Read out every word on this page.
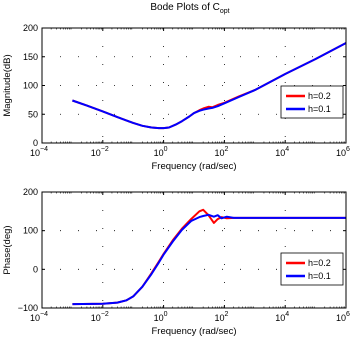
Bode Plots of $C_{opt}$
0
50
100
150
200
$10^{-4}$	$10^{-2}$	$10^0$	$10^2$	$10^4$	$10^6$
Frequency (rad/sec)
Magnitude(dB)	h=0.2
h=0.1
−100
0
100
200
$10^{-4}$	$10^{-2}$	$10^0$	$10^2$	$10^4$	$10^6$
Frequency (rad/sec)
Phase(deg)	h=0.2
h=0.1
